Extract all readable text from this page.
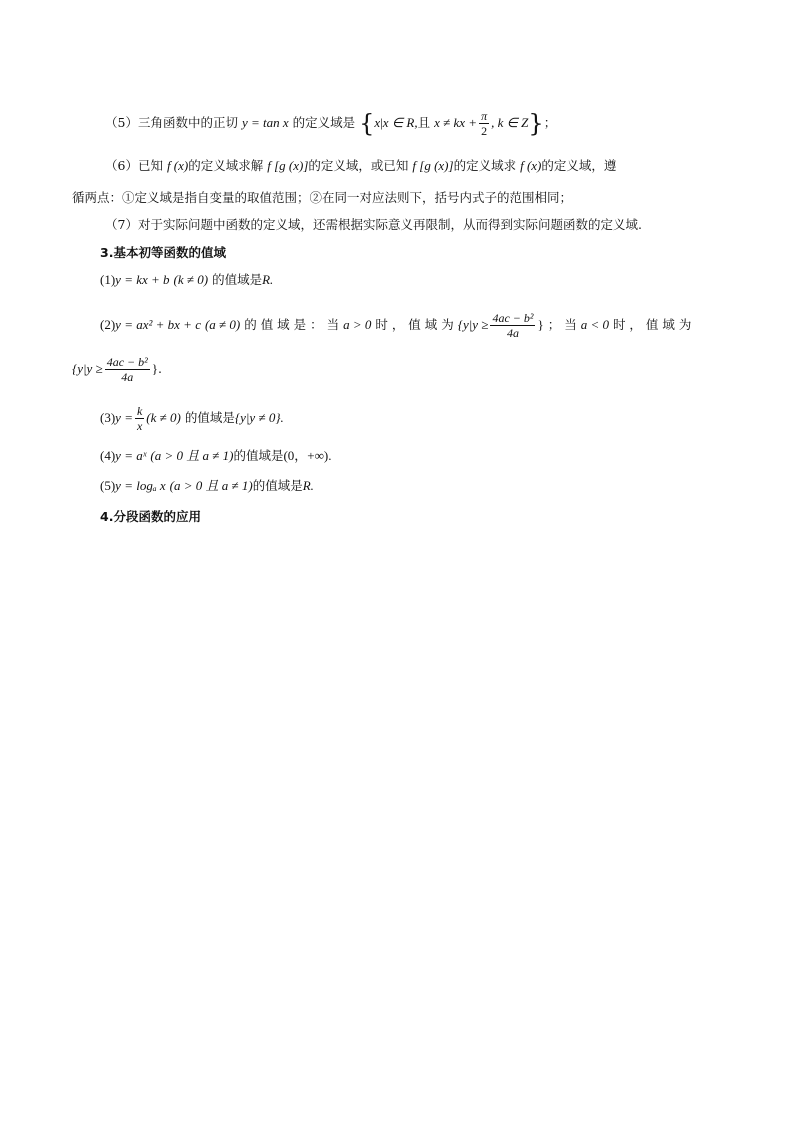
（5）三角函数中的正切 y = tan x 的定义域是 {x|x ∈ R,且 x ≠ kx + $\frac{\pi}{2}$ , k ∈ Z}；
（6）已知 f (x)的定义域求解 f [g (x)]的定义域，或已知 f [g (x)]的定义域求 f (x)的定义域，遵
循两点：①定义域是指自变量的取值范围；②在同一对应法则下，括号内式子的范围相同；
（7）对于实际问题中函数的定义域，还需根据实际意义再限制，从而得到实际问题函数的定义域.
3.基本初等函数的值域
(1)y = kx + b (k ≠ 0) 的值域是R.
(2)y = ax² + bx + c (a ≠ 0) 的 值 域 是 ： 当 a > 0 时 ， 值 域 为 {$y|y \ge \frac{\text{4ac − b²}}{4a}$ } ； 当 a < 0 时 ， 值 域 为
{$y|y \ge \frac{\text{4ac − b²}}{4a}$ }.
$(3)y = \frac{k}{x} (k \ne 0)$ 的值域是{y|y ≠ 0}.
(4)y = aˣ (a > 0 且 a ≠ 1)的值域是(0，+∞).
(5)y = logₐ x (a > 0 且 a ≠ 1)的值域是R.
4.分段函数的应用
